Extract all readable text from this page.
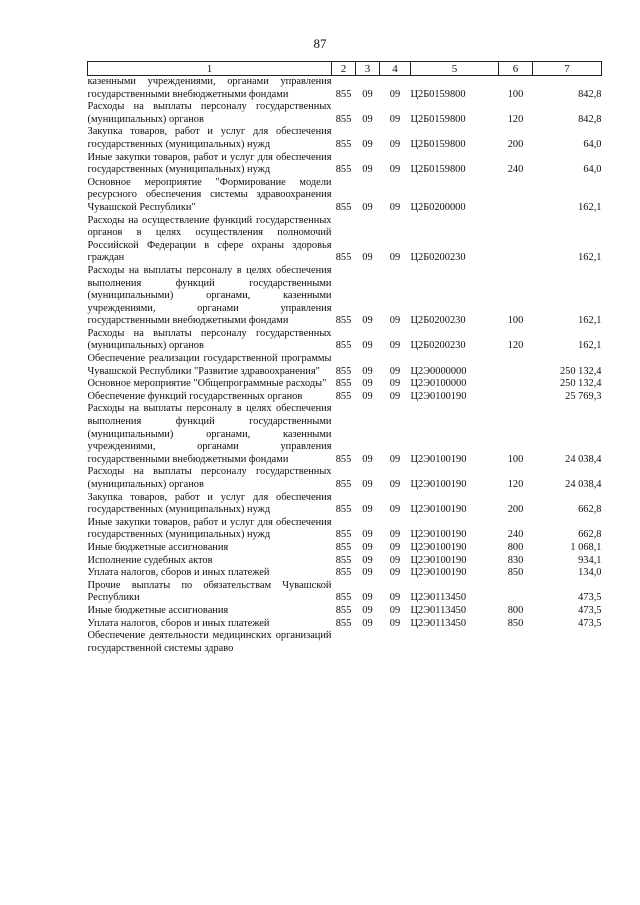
87
1	2	3	4	5	6	7
казенными учреждениями, органами управления государственными внебюджетными фондами	855	09	09	Ц2Б0159800	100	842,8
Расходы на выплаты персоналу государственных (муниципальных) органов	855	09	09	Ц2Б0159800	120	842,8
Закупка товаров, работ и услуг для обеспечения государственных (муниципальных) нужд	855	09	09	Ц2Б0159800	200	64,0
Иные закупки товаров, работ и услуг для обеспечения государственных (муниципальных) нужд	855	09	09	Ц2Б0159800	240	64,0
Основное мероприятие "Формирование модели ресурсного обеспечения системы здравоохранения Чувашской Республики"	855	09	09	Ц2Б0200000		162,1
Расходы на осуществление функций государственных органов в целях осуществления полномочий Российской Федерации в сфере охраны здоровья граждан	855	09	09	Ц2Б0200230		162,1
Расходы на выплаты персоналу в целях обеспечения выполнения функций государственными (муниципальными) органами, казенными учреждениями, органами управления государственными внебюджетными фондами	855	09	09	Ц2Б0200230	100	162,1
Расходы на выплаты персоналу государственных (муниципальных) органов	855	09	09	Ц2Б0200230	120	162,1
Обеспечение реализации государственной программы Чувашской Республики "Развитие здравоохранения"	855	09	09	Ц2Э0000000		250 132,4
Основное мероприятие "Общепрограммные расходы"	855	09	09	Ц2Э0100000		250 132,4
Обеспечение функций государственных органов	855	09	09	Ц2Э0100190		25 769,3
Расходы на выплаты персоналу в целях обеспечения выполнения функций государственными (муниципальными) органами, казенными учреждениями, органами управления государственными внебюджетными фондами	855	09	09	Ц2Э0100190	100	24 038,4
Расходы на выплаты персоналу государственных (муниципальных) органов	855	09	09	Ц2Э0100190	120	24 038,4
Закупка товаров, работ и услуг для обеспечения государственных (муниципальных) нужд	855	09	09	Ц2Э0100190	200	662,8
Иные закупки товаров, работ и услуг для обеспечения государственных (муниципальных) нужд	855	09	09	Ц2Э0100190	240	662,8
Иные бюджетные ассигнования	855	09	09	Ц2Э0100190	800	1 068,1
Исполнение судебных актов	855	09	09	Ц2Э0100190	830	934,1
Уплата налогов, сборов и иных платежей	855	09	09	Ц2Э0100190	850	134,0
Прочие выплаты по обязательствам Чувашской Республики	855	09	09	Ц2Э0113450		473,5
Иные бюджетные ассигнования	855	09	09	Ц2Э0113450	800	473,5
Уплата налогов, сборов и иных платежей	855	09	09	Ц2Э0113450	850	473,5
Обеспечение деятельности медицинских организаций государственной системы здраво						
